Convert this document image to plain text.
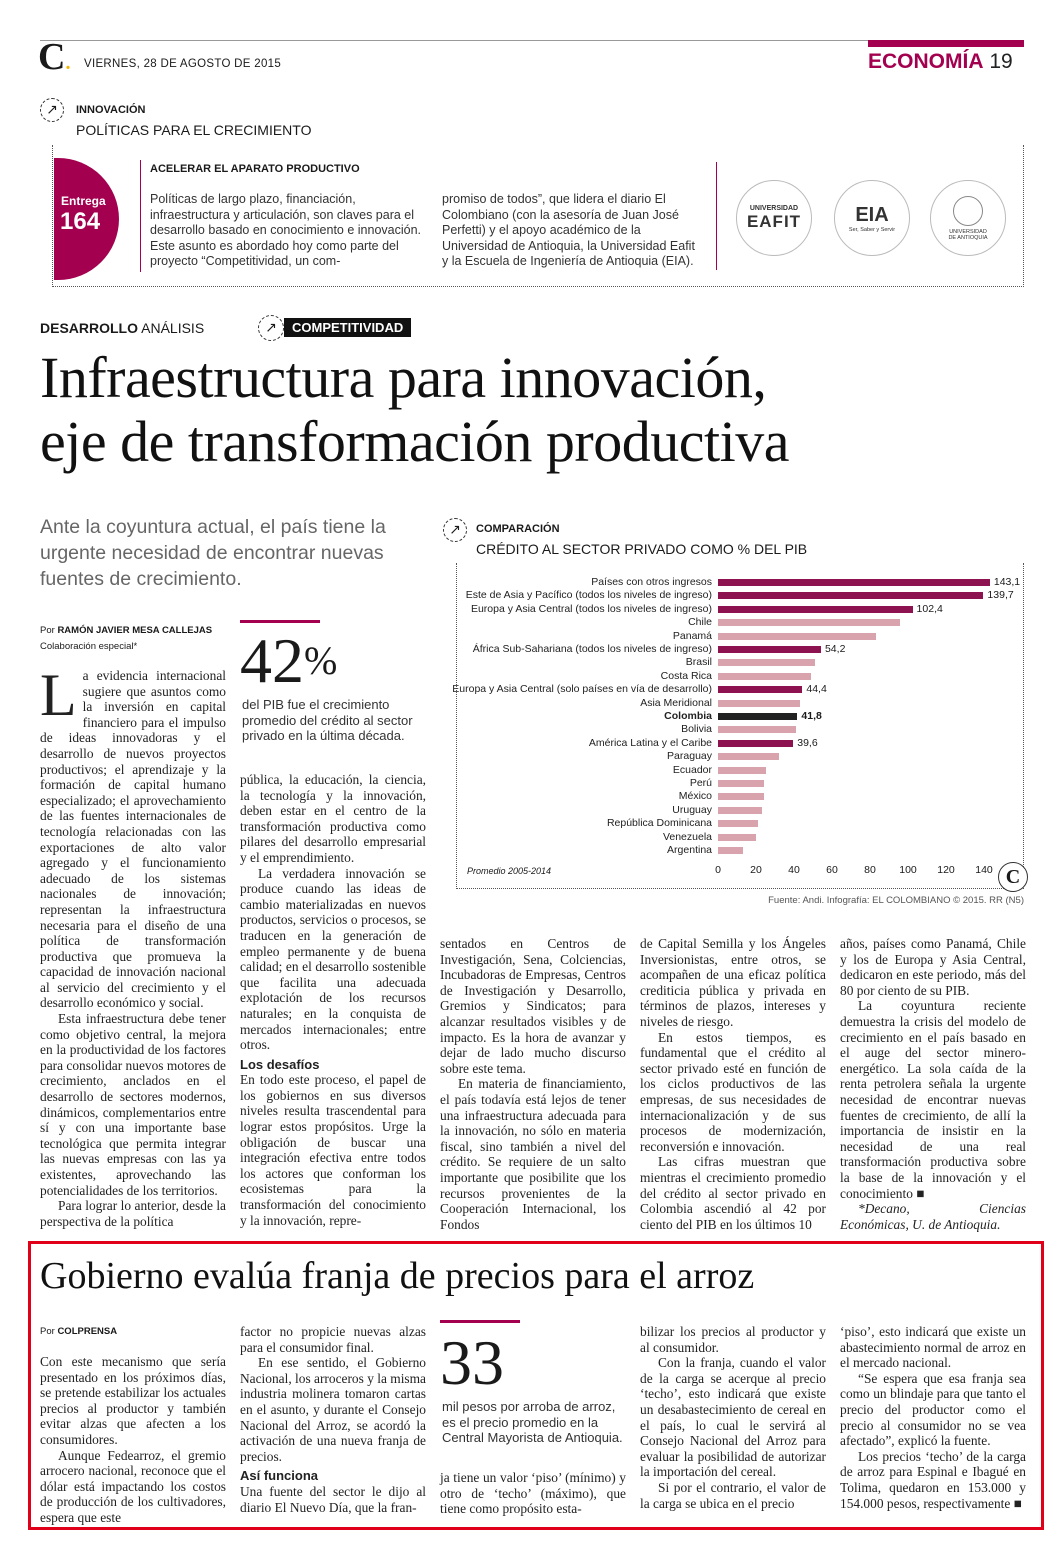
C. VIERNES, 28 DE AGOSTO DE 2015	ECONOMÍA 19
↗	INNOVACIÓN
POLÍTICAS PARA EL CRECIMIENTO
Entrega
164
ACELERAR EL APARATO PRODUCTIVO
Políticas de largo plazo, financiación, infraestructura y articulación, son claves para el desarrollo basado en conocimiento e innovación. Este asunto es abordado hoy como parte del proyecto “Competitividad, un com-
promiso de todos”, que lidera el diario El Colombiano (con la asesoría de Juan José Perfetti) y el apoyo académico de la Universidad de Antioquia, la Universidad Eafit y la Escuela de Ingeniería de Antioquia (EIA).
UNIVERSIDAD
EAFIT	EIA
Ser, Saber y Servir	UNIVERSIDAD
DE ANTIOQUIA
DESARROLLO ANÁLISIS	↗	COMPETITIVIDAD
Infraestructura para innovación,
eje de transformación productiva
Ante la coyuntura actual, el país tiene la urgente necesidad de encontrar nuevas fuentes de crecimiento.
Por RAMÓN JAVIER MESA CALLEJAS
Colaboración especial* 42%
del PIB fue el crecimiento promedio del crédito al sector privado en la última década.

La evidencia internacional sugiere que asuntos como la inversión en capital financiero para el impulso de ideas innovadoras y el desarrollo de nuevos proyectos productivos; el aprendizaje y la formación de capital humano especializado; el aprovechamiento de las fuentes internacionales de tecnología relacionadas con las exportaciones de alto valor agregado y el funcionamiento adecuado de los sistemas nacionales de innovación; representan la infraestructura necesaria para el diseño de una política de transformación productiva que promueva la capacidad de innovación nacional al servicio del crecimiento y el desarrollo económico y social.

Esta infraestructura debe tener como objetivo central, la mejora en la productividad de los factores para consolidar nuevos motores de crecimiento, anclados en el desarrollo de sectores modernos, dinámicos, complementarios entre sí y con una importante base tecnológica que permita integrar las nuevas empresas con las ya existentes, aprovechando las potencialidades de los territorios.

Para lograr lo anterior, desde la perspectiva de la política

pública, la educación, la ciencia, la tecnología y la innovación, deben estar en el centro de la transformación productiva como pilares del desarrollo empresarial y el emprendimiento.

La verdadera innovación se produce cuando las ideas de cambio materializadas en nuevos productos, servicios o procesos, se traducen en la generación de empleo permanente y de buena calidad; en el desarrollo sostenible que facilita una adecuada explotación de los recursos naturales; en la conquista de mercados internacionales; entre otros.

Los desafíos

En todo este proceso, el papel de los gobiernos en sus diversos niveles resulta trascendental para lograr estos propósitos. Urge la obligación de buscar una integración efectiva entre todos los actores que conforman los ecosistemas para la transformación del conocimiento y la innovación, repre-

sentados en Centros de Investigación, Sena, Colciencias, Incubadoras de Empresas, Centros de Investigación y Desarrollo, Gremios y Sindicatos; para alcanzar resultados visibles y de impacto. Es la hora de avanzar y dejar de lado mucho discurso sobre este tema.

En materia de financiamiento, el país todavía está lejos de tener una infraestructura adecuada para la innovación, no sólo en materia fiscal, sino también a nivel del crédito. Se requiere de un salto importante que posibilite que los recursos provenientes de la Cooperación Internacional, los Fondos

de Capital Semilla y los Ángeles Inversionistas, entre otros, se acompañen de una eficaz política crediticia pública y privada en términos de plazos, intereses y niveles de riesgo.

En estos tiempos, es fundamental que el crédito al sector privado esté en función de los ciclos productivos de las empresas, de sus necesidades de internacionalización y de sus procesos de modernización, reconversión e innovación.

Las cifras muestran que mientras el crecimiento promedio del crédito al sector privado en Colombia ascendió al 42 por ciento del PIB en los últimos 10

años, países como Panamá, Chile y los de Europa y Asia Central, dedicaron en este periodo, más del 80 por ciento de su PIB.

La coyuntura reciente demuestra la crisis del modelo de crecimiento en el país basado en el auge del sector minero-energético. La sola caída de la renta petrolera señala la urgente necesidad de encontrar nuevas fuentes de crecimiento, de allí la importancia de insistir en la necesidad de una real transformación productiva sobre la base de la innovación y el conocimiento ■

*Decano, Ciencias Económicas, U. de Antioquia.

↗	COMPARACIÓN
CRÉDITO AL SECTOR PRIVADO COMO % DEL PIB
Países con otros ingresos	143,1
Este de Asia y Pacífico (todos los niveles de ingreso)	139,7
Europa y Asia Central (todos los niveles de ingreso)	102,4
Chile
Panamá
África Sub-Sahariana (todos los niveles de ingreso)	54,2
Brasil
Costa Rica
Europa y Asia Central (solo países en vía de desarrollo)	44,4
Asia Meridional
Colombia	41,8
Bolivia
América Latina y el Caribe	39,6
Paraguay
Ecuador
Perú
México
Uruguay
República Dominicana
Venezuela
Argentina
0	20	40	60	80 100 120 140
Promedio 2005-2014	C
Fuente: Andi. Infografía: EL COLOMBIANO © 2015. RR (N5)
Gobierno evalúa franja de precios para el arroz
Por COLPRENSA	33
mil pesos por arroba de arroz, es el precio promedio en la Central Mayorista de Antioquia.

Con este mecanismo que sería presentado en los próximos días, se pretende estabilizar los actuales precios al productor y también evitar alzas que afecten a los consumidores.

Aunque Fedearroz, el gremio arrocero nacional, reconoce que el dólar está impactando los costos de producción de los cultivadores, espera que este

factor no propicie nuevas alzas para el consumidor final.

En ese sentido, el Gobierno Nacional, los arroceros y la misma industria molinera tomaron cartas en el asunto, y durante el Consejo Nacional del Arroz, se acordó la activación de una nueva franja de precios.

Así funciona

Una fuente del sector le dijo al diario El Nuevo Día, que la fran-

ja tiene un valor ‘piso’ (mínimo) y otro de ‘techo’ (máximo), que tiene como propósito esta-

bilizar los precios al productor y al consumidor.

Con la franja, cuando el valor de la carga se acerque al precio ‘techo’, esto indicará que existe un desabastecimiento de cereal en el país, lo cual le servirá al Consejo Nacional del Arroz para evaluar la posibilidad de autorizar la importación del cereal.

Si por el contrario, el valor de la carga se ubica en el precio

‘piso’, esto indicará que existe un abastecimiento normal de arroz en el mercado nacional.

“Se espera que esa franja sea como un blindaje para que tanto el precio del productor como el precio al consumidor no se vea afectado”, explicó la fuente.

Los precios ‘techo’ de la carga de arroz para Espinal e Ibagué en Tolima, quedaron en 153.000 y 154.000 pesos, respectivamente ■
